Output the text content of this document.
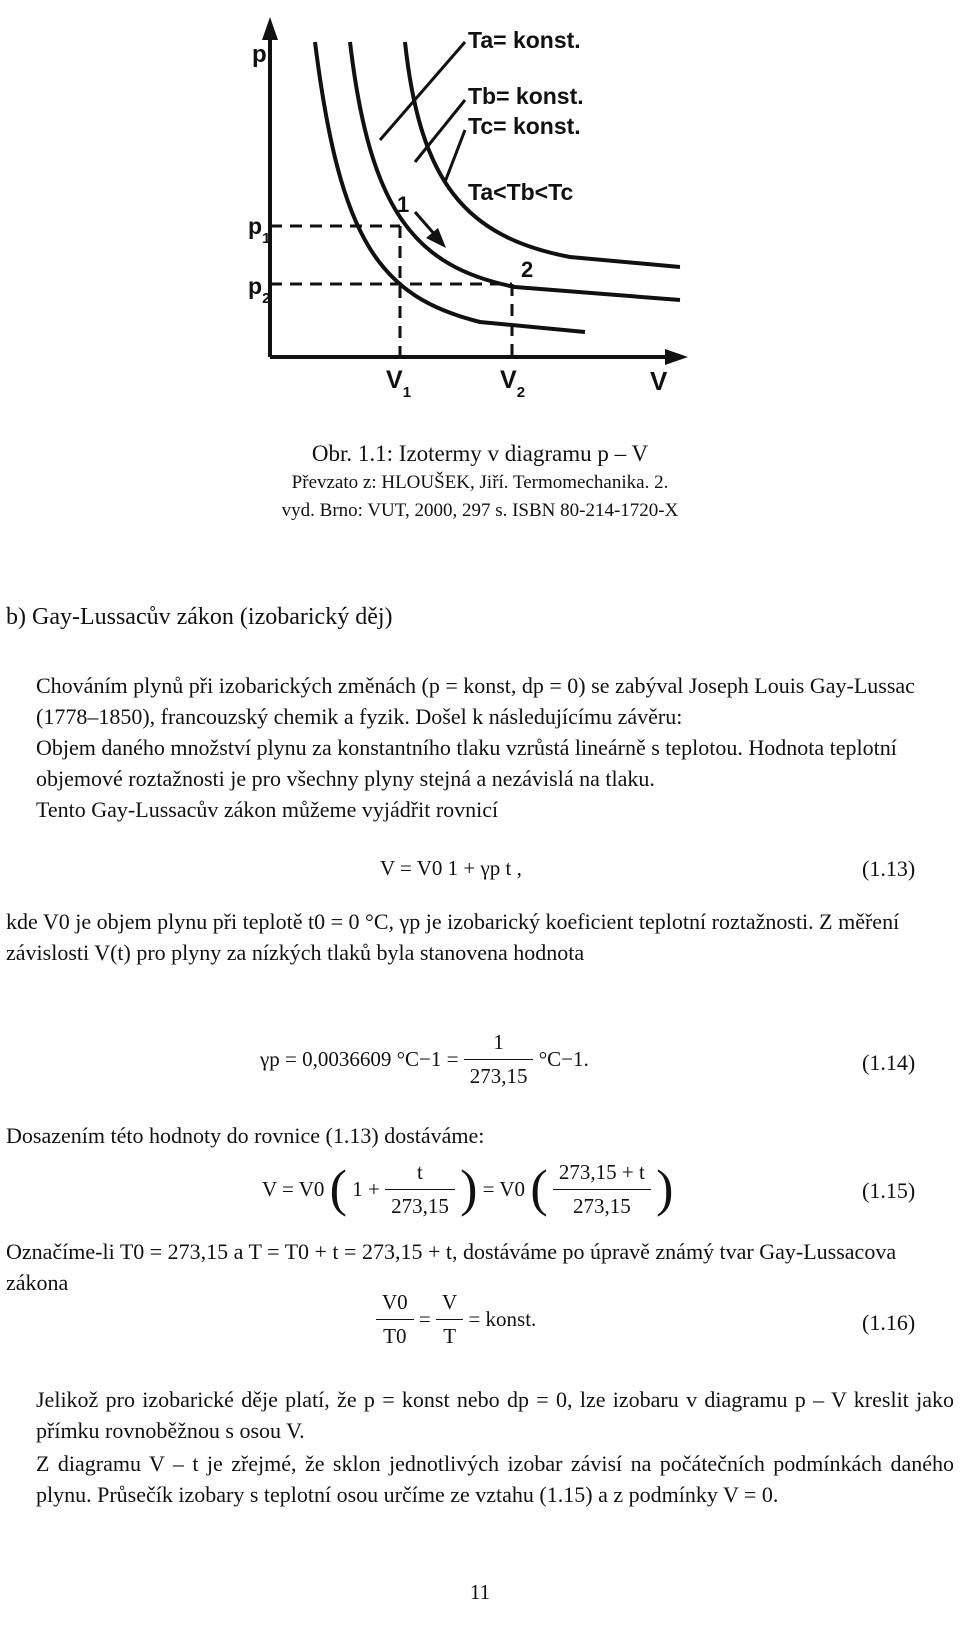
p
V
$p_1$
$p_2$
$V_1$	$V_2$
1
2
Ta= konst.
Tb= konst.
Tc= konst.
Ta<Tb<Tc
Obr. 1.1: Izotermy v diagramu p – V
Převzato z: HLOUŠEK, Jiří. Termomechanika. 2.
vyd. Brno: VUT, 2000, 297 s. ISBN 80-214-1720-X
b) Gay-Lussacův zákon (izobarický děj)
Chováním plynů při izobarických změnách (p = konst, dp = 0) se zabýval Joseph Louis Gay-Lussac (1778–1850), francouzský chemik a fyzik. Došel k následujícímu závěru:
Objem daného množství plynu za konstantního tlaku vzrůstá lineárně s teplotou. Hodnota teplotní objemové roztažnosti je pro všechny plyny stejná a nezávislá na tlaku.
Tento Gay-Lussacův zákon můžeme vyjádřit rovnicí
V = V0 1 + γp t ,	(1.13)
kde V0 je objem plynu při teplotě t0 = 0 °C, γp je izobarický koeficient teplotní roztažnosti. Z měření závislosti V(t) pro plyny za nízkých tlaků byla stanovena hodnota
γp = 0,0036609 $^\circ C-1 = \frac{1}{273,15} ^\circ C-1$.	(1.14)
Dosazením této hodnoty do rovnice (1.13) dostáváme:
V = V0 ( $1 + \frac{t}{273,15}$ ) = V0 ( $\frac{273,15 + t}{273,15}$ )	(1.15)
Označíme-li T0 = 273,15 a T = T0 + t = 273,15 + t, dostáváme po úpravě známý tvar Gay-Lussacova zákona
$\frac{V0}{T0} = \frac{V}{T}$ = konst.	(1.16)
Jelikož pro izobarické děje platí, že p = konst nebo dp = 0, lze izobaru v diagramu p – V kreslit jako přímku rovnoběžnou s osou V.
Z diagramu V – t je zřejmé, že sklon jednotlivých izobar závisí na počátečních podmínkách daného plynu. Průsečík izobary s teplotní osou určíme ze vztahu (1.15) a z podmínky V = 0.
11
